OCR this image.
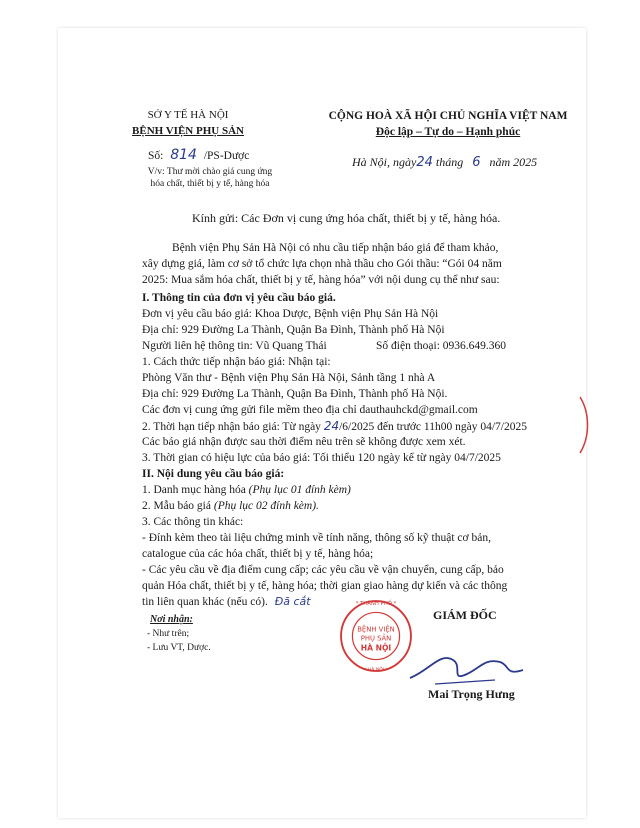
SỞ Y TẾ HÀ NỘI
BỆNH VIỆN PHỤ SẢN
Số: 814 /PS-Dược
V/v: Thư mời chào giá cung ứng
hóa chất, thiết bị y tế, hàng hóa
CỘNG HOÀ XÃ HỘI CHỦ NGHĨA VIỆT NAM
Độc lập – Tự do – Hạnh phúc
Hà Nội, ngày24 tháng 6 năm 2025
Kính gửi: Các Đơn vị cung ứng hóa chất, thiết bị y tế, hàng hóa.
Bệnh viện Phụ Sản Hà Nội có nhu cầu tiếp nhận báo giá để tham khảo,
xây dựng giá, làm cơ sở tổ chức lựa chọn nhà thầu cho Gói thầu: “Gói 04 năm
2025: Mua sắm hóa chất, thiết bị y tế, hàng hóa” với nội dung cụ thể như sau:
I. Thông tin của đơn vị yêu cầu báo giá.
Đơn vị yêu cầu báo giá: Khoa Dược, Bệnh viện Phụ Sản Hà Nội
Địa chỉ: 929 Đường La Thành, Quận Ba Đình, Thành phố Hà Nội
Người liên hệ thông tin: Vũ Quang Thái	Số điện thoại: 0936.649.360
1. Cách thức tiếp nhận báo giá: Nhận tại:
Phòng Văn thư - Bệnh viện Phụ Sản Hà Nội, Sảnh tầng 1 nhà A
Địa chỉ: 929 Đường La Thành, Quận Ba Đình, Thành phố Hà Nội.
Các đơn vị cung ứng gửi file mềm theo địa chỉ dauthauhckd@gmail.com
2. Thời hạn tiếp nhận báo giá: Từ ngày 24/6/2025 đến trước 11h00 ngày 04/7/2025
Các báo giá nhận được sau thời điểm nêu trên sẽ không được xem xét.
3. Thời gian có hiệu lực của báo giá: Tối thiểu 120 ngày kể từ ngày 04/7/2025
II. Nội dung yêu cầu báo giá:
1. Danh mục hàng hóa (Phụ lục 01 đính kèm)
2. Mẫu báo giá (Phụ lục 02 đính kèm).
3. Các thông tin khác:
- Đính kèm theo tài liệu chứng minh về tính năng, thông số kỹ thuật cơ bản,
catalogue của các hóa chất, thiết bị y tế, hàng hóa;
- Các yêu cầu về địa điểm cung cấp; các yêu cầu về vận chuyển, cung cấp, bảo
quản Hóa chất, thiết bị y tế, hàng hóa; thời gian giao hàng dự kiến và các thông
tin liên quan khác (nếu có). Đã cắt
Nơi nhận:
- Như trên;
- Lưu VT, Dược.
GIÁM ĐỐC
* THÀNH PHỐ *
* HÀ NỘI *
BỆNH VIỆN
PHỤ SẢN
HÀ NỘI
Mai Trọng Hưng
